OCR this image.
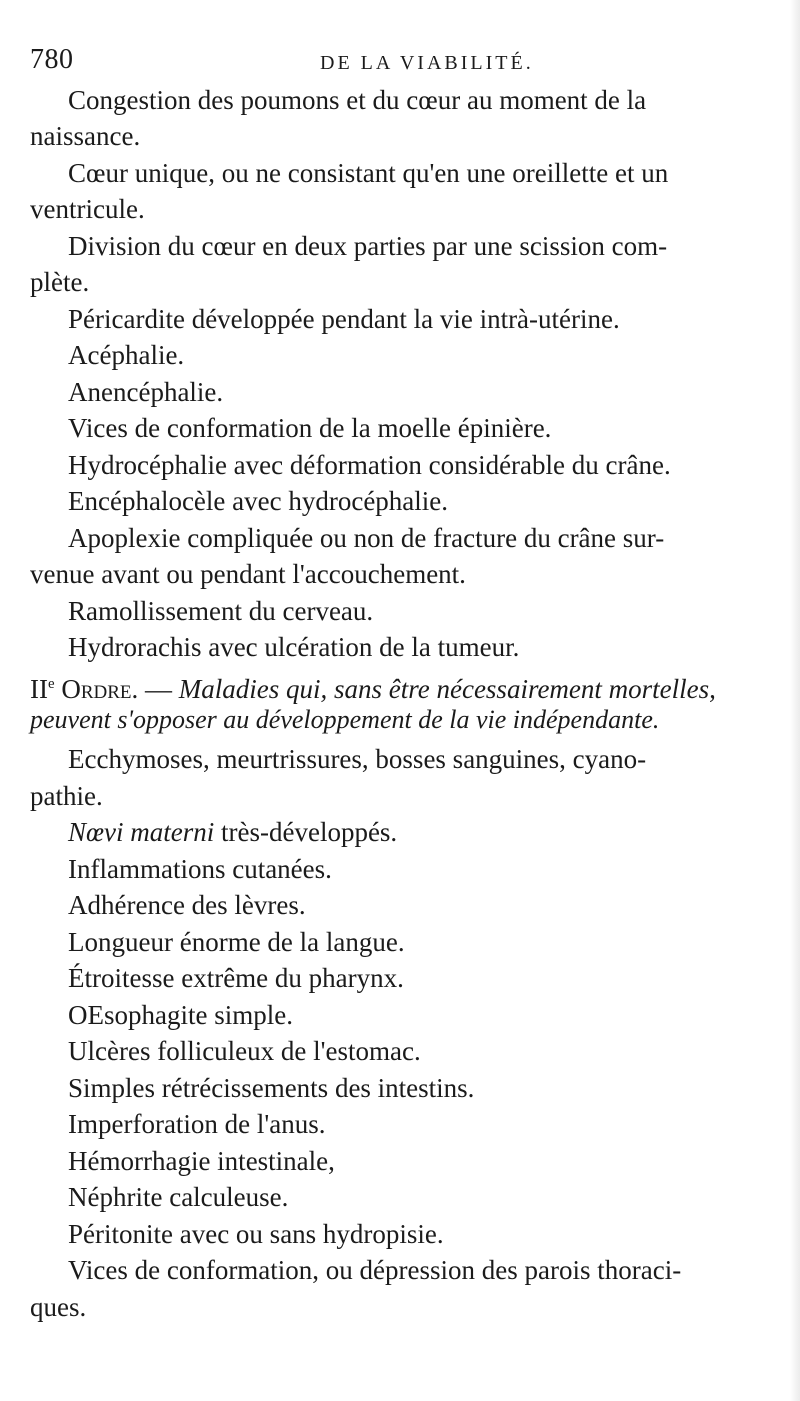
780	DE LA VIABILITÉ.
Congestion des poumons et du cœur au moment de la
naissance.
Cœur unique, ou ne consistant qu'en une oreillette et un
ventricule.
Division du cœur en deux parties par une scission com-
plète.
Péricardite développée pendant la vie intrà-utérine.
Acéphalie.
Anencéphalie.
Vices de conformation de la moelle épinière.
Hydrocéphalie avec déformation considérable du crâne.
Encéphalocèle avec hydrocéphalie.
Apoplexie compliquée ou non de fracture du crâne sur-
venue avant ou pendant l'accouchement.
Ramollissement du cerveau.
Hydrorachis avec ulcération de la tumeur.
IIe Ordre. — Maladies qui, sans être nécessairement mortelles,
peuvent s'opposer au développement de la vie indépendante.
Ecchymoses, meurtrissures, bosses sanguines, cyano-
pathie.
Nœvi materni très-développés.
Inflammations cutanées.
Adhérence des lèvres.
Longueur énorme de la langue.
Étroitesse extrême du pharynx.
OEsophagite simple.
Ulcères folliculeux de l'estomac.
Simples rétrécissements des intestins.
Imperforation de l'anus.
Hémorrhagie intestinale,
Néphrite calculeuse.
Péritonite avec ou sans hydropisie.
Vices de conformation, ou dépression des parois thoraci-
ques.
